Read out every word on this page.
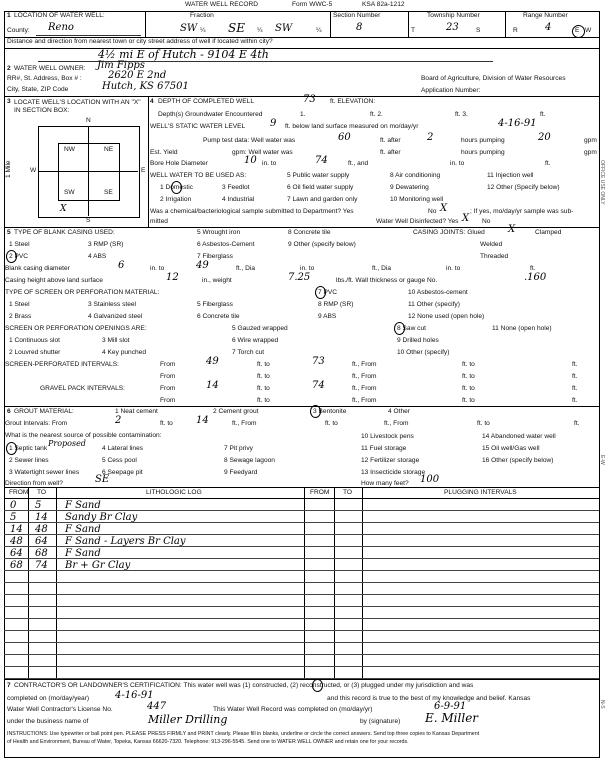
WATER WELL RECORD	Form WWC-5	KSA 82a-1212
1 LOCATION OF WATER WELL:
County: Reno
Fraction
SW ¼ SE ¼ SW	¼
Section Number
8
Township Number
T	23	S
Range Number
R	4	E W
Distance and direction from nearest town or city street address of well if located within city?
4½ mi E of Hutch - 9104 E 4th
2 WATER WELL OWNER: Jim Fipps
RR#, St. Address, Box # :	2620 E 2nd
City, State, ZIP Code	Hutch, KS 67501
Board of Agriculture, Division of Water Resources
Application Number:
3 LOCATE WELL'S LOCATION WITH AN "X" IN SECTION BOX:
N
S
W	E
NW	NE
SW	SE
X
1 Mile
4 DEPTH OF COMPLETED WELL	73 ft. ELEVATION:
Depth(s) Groundwater Encountered	1.	ft. 2.	ft. 3.	ft.
WELL'S STATIC WATER LEVEL 9 ft. below land surface measured on mo/day/yr	4-16-91
Pump test data: Well water was	60	ft. after	2	hours pumping	20	gpm
Est. Yield	gpm: Well water was	ft. after	hours pumping	gpm
Bore Hole Diameter	10 in. to	74	ft., and	in. to	ft.
WELL WATER TO BE USED AS:
1 Domestic
2 Irrigation
3 Feedlot
4 Industrial
5 Public water supply
6 Oil field water supply
7 Lawn and garden only
8 Air conditioning
9 Dewatering
10 Monitoring well
11 Injection well
12 Other (Specify below)
Was a chemical/bacteriological sample submitted to Department? Yes	No X	; If yes, mo/day/yr sample was sub-
mitted	Water Well Disinfected? Yes	No
X
5 TYPE OF BLANK CASING USED:
1 Steel
2 PVC
3 RMP (SR)
4 ABS
5 Wrought iron
6 Asbestos-Cement
7 Fiberglass
8 Concrete tile
9 Other (specify below)
CASING JOINTS: Glued X	Clamped
Welded
Threaded
Blank casing diameter	6	in. to	49	ft., Dia	in. to	ft., Dia	in. to	ft.
Casing height above land surface	12	in., weight	7.25	lbs./ft. Wall thickness or gauge No.	.160
TYPE OF SCREEN OR PERFORATION MATERIAL:
1 Steel
2 Brass
3 Stainless steel
4 Galvanized steel
5 Fiberglass
6 Concrete tile
7 PVC
8 RMP (SR)
9 ABS
10 Asbestos-cement
11 Other (specify)
12 None used (open hole)
SCREEN OR PERFORATION OPENINGS ARE:	5 Gauzed wrapped	8 Saw cut	11 None (open hole)
1 Continuous slot	3 Mill slot	6 Wire wrapped	9 Drilled holes
2 Louvred shutter	4 Key punched	7 Torch cut	10 Other (specify)
SCREEN-PERFORATED INTERVALS:	From	49	ft. to	73	ft., From	ft. to	ft.
From	ft. to	ft., From	ft. to	ft.
GRAVEL PACK INTERVALS:	From	14	ft. to	74	ft., From	ft. to	ft.
From	ft. to	ft., From	ft. to	ft.
6 GROUT MATERIAL:	1 Neat cement	2 Cement grout	3 Bentonite	4 Other
Grout Intervals: From	2	ft. to 14	ft., From	ft. to	ft., From	ft. to	ft.
What is the nearest source of possible contamination:
1 Septic tank
Proposed
2 Sewer lines
3 Watertight sewer lines
4 Lateral lines
5 Cess pool
6 Seepage pit
7 Pit privy
8 Sewage lagoon
9 Feedyard
10 Livestock pens
11 Fuel storage
12 Fertilizer storage
13 Insecticide storage
14 Abandoned water well
15 Oil well/Gas well
16 Other (specify below)
Direction from well?	SE	How many feet? 100
FROM TO	LITHOLOGIC LOG	FROM TO	PLUGGING INTERVALS
0 5 F Sand
5 14 Sandy Br Clay
14 48 F Sand
48 64 F Sand - Layers Br Clay
64 68 F Sand
68 74 Br + Gr Clay
7 CONTRACTOR'S OR LANDOWNER'S CERTIFICATION: This water well was (1) constructed, (2) reconstructed, or (3) plugged under my jurisdiction and was
completed on (mo/day/year)	4-16-91	and this record is true to the best of my knowledge and belief. Kansas
Water Well Contractor's License No.	447	This Water Well Record was completed on (mo/day/yr)	6-9-91
under the business name of	Miller Drilling	by (signature) E. Miller
INSTRUCTIONS: Use typewriter or ball point pen. PLEASE PRESS FIRMLY and PRINT clearly. Please fill in blanks, underline or circle the correct answers. Send top three copies to Kansas Department
of Health and Environment, Bureau of Water, Topeka, Kansas 66620-7320. Telephone: 913-296-5545. Send one to WATER WELL OWNER and retain one for your records.
OFFICE USE ONLY
E-W
N-S
